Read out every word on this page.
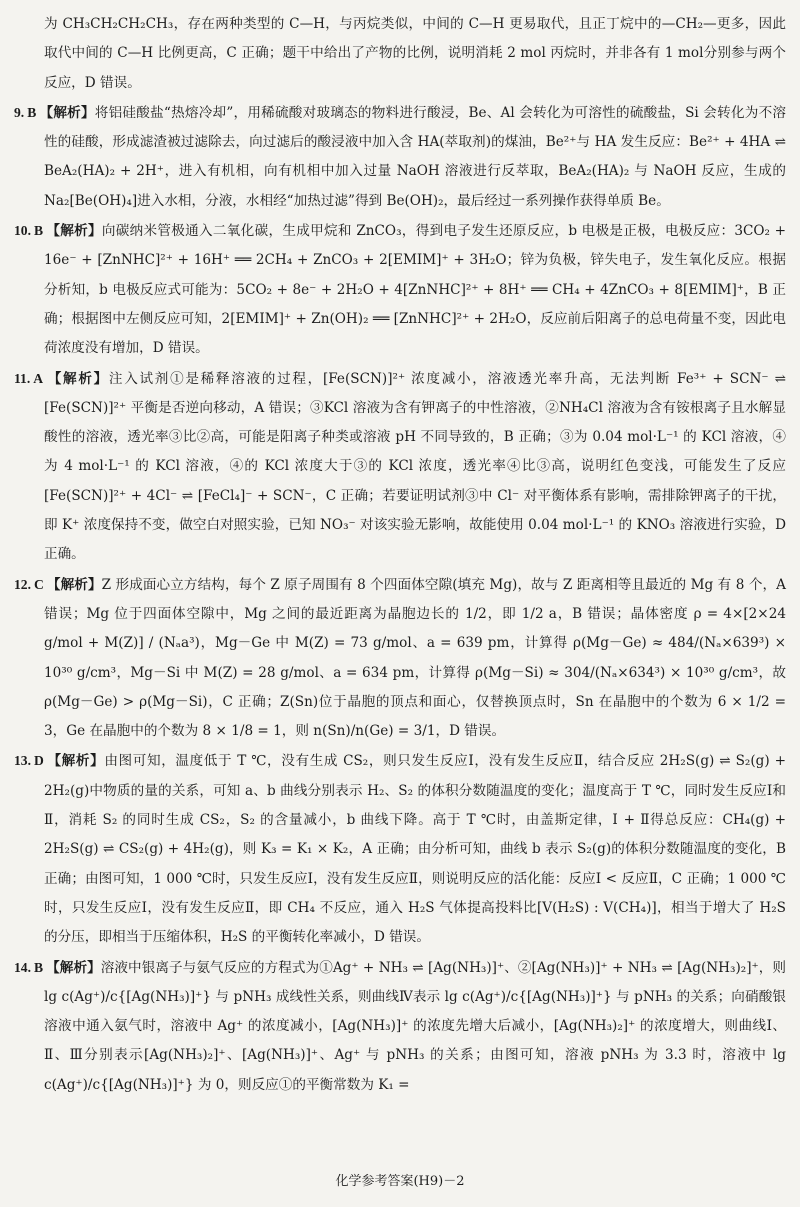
为 CH₃CH₂CH₂CH₃，存在两种类型的 C—H，与丙烷类似，中间的 C—H 更易取代，且正丁烷中的—CH₂—更多，因此取代中间的 C—H 比例更高，C 正确；题干中给出了产物的比例，说明消耗 2 mol 丙烷时，并非各有 1 mol分别参与两个反应，D 错误。

9. B 【解析】将铝硅酸盐“热熔冷却”，用稀硫酸对玻璃态的物料进行酸浸，Be、Al 会转化为可溶性的硫酸盐，Si 会转化为不溶性的硅酸，形成滤渣被过滤除去，向过滤后的酸浸液中加入含 HA(萃取剂)的煤油，Be²⁺与 HA 发生反应：Be²⁺ + 4HA ⇌ BeA₂(HA)₂ + 2H⁺，进入有机相，向有机相中加入过量 NaOH 溶液进行反萃取，BeA₂(HA)₂ 与 NaOH 反应，生成的 Na₂[Be(OH)₄]进入水相，分液，水相经“加热过滤”得到 Be(OH)₂，最后经过一系列操作获得单质 Be。

10. B 【解析】向碳纳米管极通入二氧化碳，生成甲烷和 ZnCO₃，得到电子发生还原反应，b 电极是正极，电极反应：3CO₂ + 16e⁻ + [ZnNHC]²⁺ + 16H⁺ ══ 2CH₄ + ZnCO₃ + 2[EMIM]⁺ + 3H₂O；锌为负极，锌失电子，发生氧化反应。根据分析知，b 电极反应式可能为：5CO₂ + 8e⁻ + 2H₂O + 4[ZnNHC]²⁺ + 8H⁺ ══ CH₄ + 4ZnCO₃ + 8[EMIM]⁺，B 正确；根据图中左侧反应可知，2[EMIM]⁺ + Zn(OH)₂ ══ [ZnNHC]²⁺ + 2H₂O，反应前后阳离子的总电荷量不变，因此电荷浓度没有增加，D 错误。

11. A 【解析】注入试剂①是稀释溶液的过程，[Fe(SCN)]²⁺ 浓度减小，溶液透光率升高，无法判断 Fe³⁺ + SCN⁻ ⇌ [Fe(SCN)]²⁺ 平衡是否逆向移动，A 错误；③KCl 溶液为含有钾离子的中性溶液，②NH₄Cl 溶液为含有铵根离子且水解显酸性的溶液，透光率③比②高，可能是阳离子种类或溶液 pH 不同导致的，B 正确；③为 0.04 mol·L⁻¹ 的 KCl 溶液，④为 4 mol·L⁻¹ 的 KCl 溶液，④的 KCl 浓度大于③的 KCl 浓度，透光率④比③高，说明红色变浅，可能发生了反应 [Fe(SCN)]²⁺ + 4Cl⁻ ⇌ [FeCl₄]⁻ + SCN⁻，C 正确；若要证明试剂③中 Cl⁻ 对平衡体系有影响，需排除钾离子的干扰，即 K⁺ 浓度保持不变，做空白对照实验，已知 NO₃⁻ 对该实验无影响，故能使用 0.04 mol·L⁻¹ 的 KNO₃ 溶液进行实验，D 正确。

12. C 【解析】Z 形成面心立方结构，每个 Z 原子周围有 8 个四面体空隙(填充 Mg)，故与 Z 距离相等且最近的 Mg 有 8 个，A 错误；Mg 位于四面体空隙中，Mg 之间的最近距离为晶胞边长的 1/2，即 1/2 a，B 错误；晶体密度 ρ = 4×[2×24 g/mol + M(Z)] / (Nₐa³)，Mg－Ge 中 M(Z) = 73 g/mol、a = 639 pm，计算得 ρ(Mg－Ge) ≈ 484/(Nₐ×639³) × 10³⁰ g/cm³，Mg－Si 中 M(Z) = 28 g/mol、a = 634 pm，计算得 ρ(Mg－Si) ≈ 304/(Nₐ×634³) × 10³⁰ g/cm³，故 ρ(Mg－Ge) > ρ(Mg－Si)，C 正确；Z(Sn)位于晶胞的顶点和面心，仅替换顶点时，Sn 在晶胞中的个数为 6 × 1/2 = 3，Ge 在晶胞中的个数为 8 × 1/8 = 1，则 n(Sn)/n(Ge) = 3/1，D 错误。

13. D 【解析】由图可知，温度低于 T ℃，没有生成 CS₂，则只发生反应Ⅰ，没有发生反应Ⅱ，结合反应 2H₂S(g) ⇌ S₂(g) + 2H₂(g)中物质的量的关系，可知 a、b 曲线分别表示 H₂、S₂ 的体积分数随温度的变化；温度高于 T ℃，同时发生反应Ⅰ和Ⅱ，消耗 S₂ 的同时生成 CS₂，S₂ 的含量减小，b 曲线下降。高于 T ℃时，由盖斯定律，Ⅰ + Ⅱ得总反应：CH₄(g) + 2H₂S(g) ⇌ CS₂(g) + 4H₂(g)，则 K₃ = K₁ × K₂，A 正确；由分析可知，曲线 b 表示 S₂(g)的体积分数随温度的变化，B 正确；由图可知，1 000 ℃时，只发生反应Ⅰ，没有发生反应Ⅱ，则说明反应的活化能：反应Ⅰ < 反应Ⅱ，C 正确；1 000 ℃时，只发生反应Ⅰ，没有发生反应Ⅱ，即 CH₄ 不反应，通入 H₂S 气体提高投料比[V(H₂S) : V(CH₄)]，相当于增大了 H₂S 的分压，即相当于压缩体积，H₂S 的平衡转化率减小，D 错误。

14. B 【解析】溶液中银离子与氨气反应的方程式为①Ag⁺ + NH₃ ⇌ [Ag(NH₃)]⁺、②[Ag(NH₃)]⁺ + NH₃ ⇌ [Ag(NH₃)₂]⁺，则 lg c(Ag⁺)/c{[Ag(NH₃)]⁺} 与 pNH₃ 成线性关系，则曲线Ⅳ表示 lg c(Ag⁺)/c{[Ag(NH₃)]⁺} 与 pNH₃ 的关系；向硝酸银溶液中通入氨气时，溶液中 Ag⁺ 的浓度减小，[Ag(NH₃)]⁺ 的浓度先增大后减小，[Ag(NH₃)₂]⁺ 的浓度增大，则曲线Ⅰ、Ⅱ、Ⅲ分别表示[Ag(NH₃)₂]⁺、[Ag(NH₃)]⁺、Ag⁺ 与 pNH₃ 的关系；由图可知，溶液 pNH₃ 为 3.3 时，溶液中 lg c(Ag⁺)/c{[Ag(NH₃)]⁺} 为 0，则反应①的平衡常数为 K₁ =

化学参考答案(H9)－2
